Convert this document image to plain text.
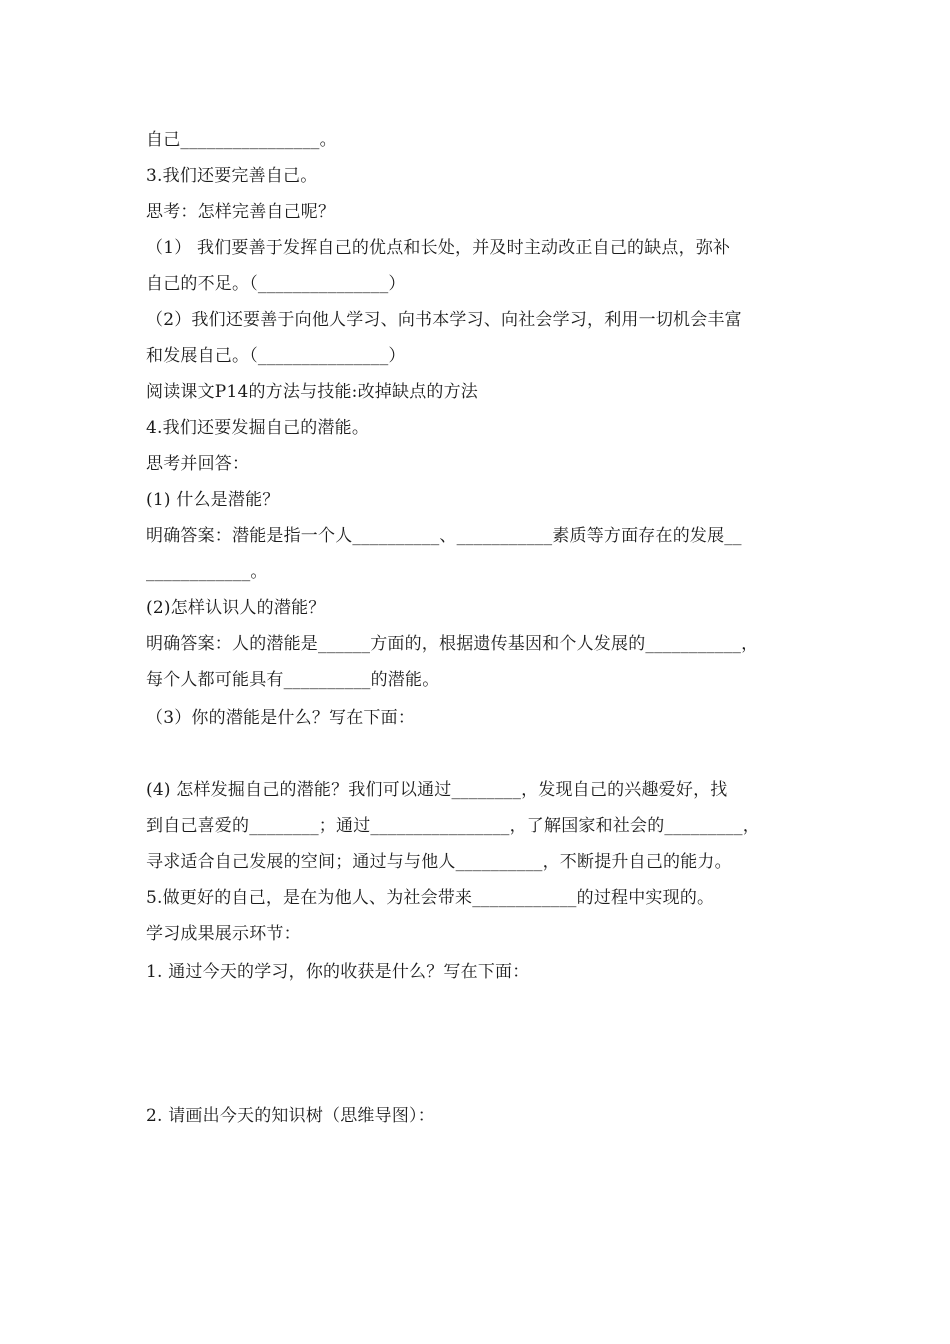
自己________________。
3.我们还要完善自己。
思考：怎样完善自己呢？
（1） 我们要善于发挥自己的优点和长处，并及时主动改正自己的缺点，弥补
自己的不足。（_______________）
（2）我们还要善于向他人学习、向书本学习、向社会学习，利用一切机会丰富
和发展自己。（_______________）
阅读课文P14的方法与技能:改掉缺点的方法
4.我们还要发掘自己的潜能。
思考并回答：
(1) 什么是潜能？
明确答案：潜能是指一个人__________、___________素质等方面存在的发展__
____________。
(2)怎样认识人的潜能？
明确答案：人的潜能是______方面的，根据遗传基因和个人发展的___________，
每个人都可能具有__________的潜能。
（3）你的潜能是什么？写在下面：
(4) 怎样发掘自己的潜能？我们可以通过________，发现自己的兴趣爱好，找
到自己喜爱的________；通过________________，了解国家和社会的_________，
寻求适合自己发展的空间；通过与与他人__________，不断提升自己的能力。
5.做更好的自己，是在为他人、为社会带来____________的过程中实现的。
学习成果展示环节：
1. 通过今天的学习，你的收获是什么？写在下面：
2. 请画出今天的知识树（思维导图）：
